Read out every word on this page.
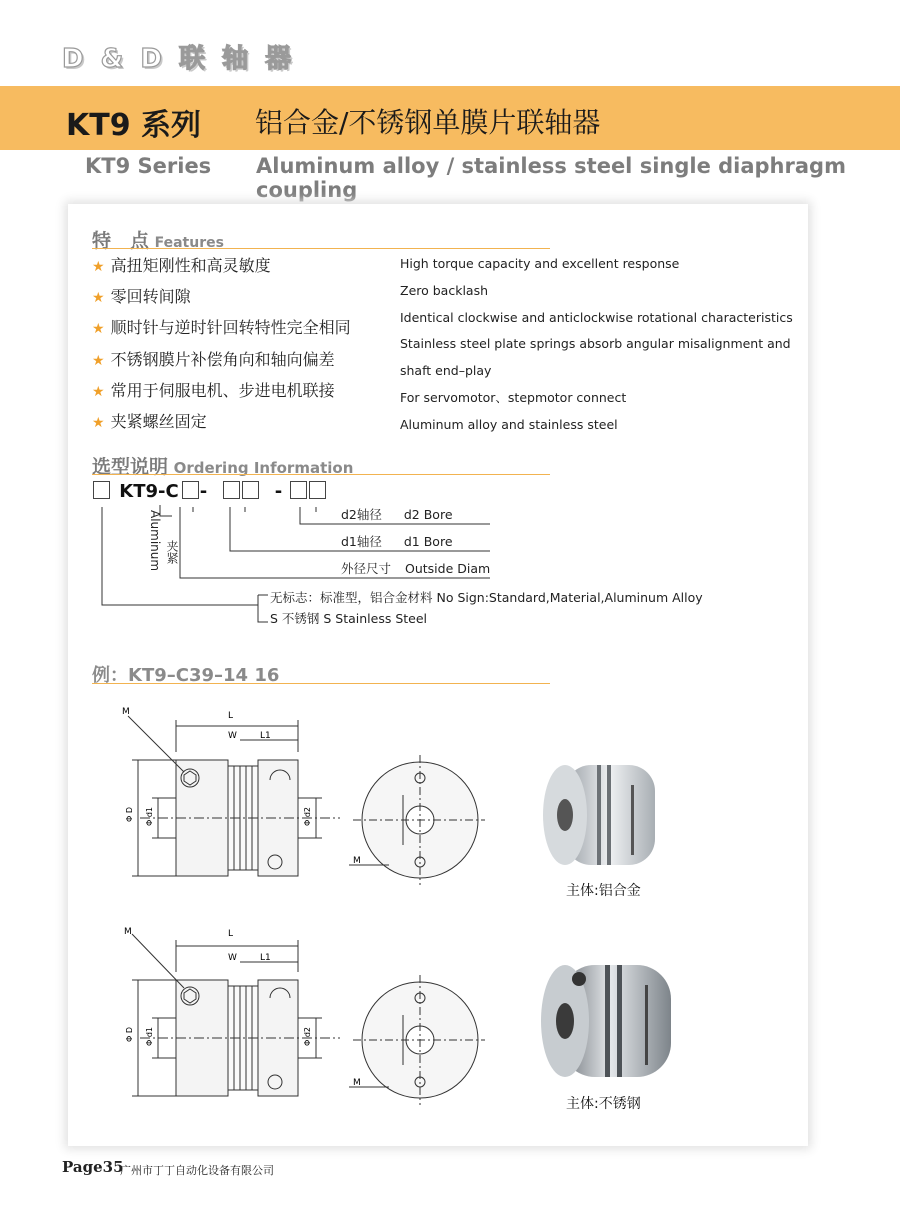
D & D 联 轴 器
KT9 系列 铝合金/不锈钢单膜片联轴器
KT9 Series Aluminum alloy / stainless steel single diaphragm coupling
特　点 Features
★ 高扭矩刚性和高灵敏度
★ 零回转间隙
★ 顺时针与逆时针回转特性完全相同
★ 不锈钢膜片补偿角向和轴向偏差
★ 常用于伺服电机、步进电机联接
★ 夹紧螺丝固定
High torque capacity and excellent response
Zero backlash
Identical clockwise and anticlockwise rotational characteristics
Stainless steel plate springs absorb angular misalignment and
shaft end–play
For servomotor、stepmotor connect
Aluminum alloy and stainless steel
选型说明 Ordering Information
KT9-C -	-
d2轴径 d2 Bore
d1轴径 d1 Bore
外径尺寸 Outside Diam
Aluminum 夹紧
无标志：标准型，铝合金材料 No Sign:Standard,Material,Aluminum Alloy
S 不锈钢 S Stainless Steel
例：KT9–C39–14 16
M	L
W	L1
Φ D Φ d1	Φ d2
M
主体:铝合金
M	L
W	L1
Φ D Φ d1	Φ d2
M
主体:不锈钢
Page35
广州市丁丁自动化设备有限公司
